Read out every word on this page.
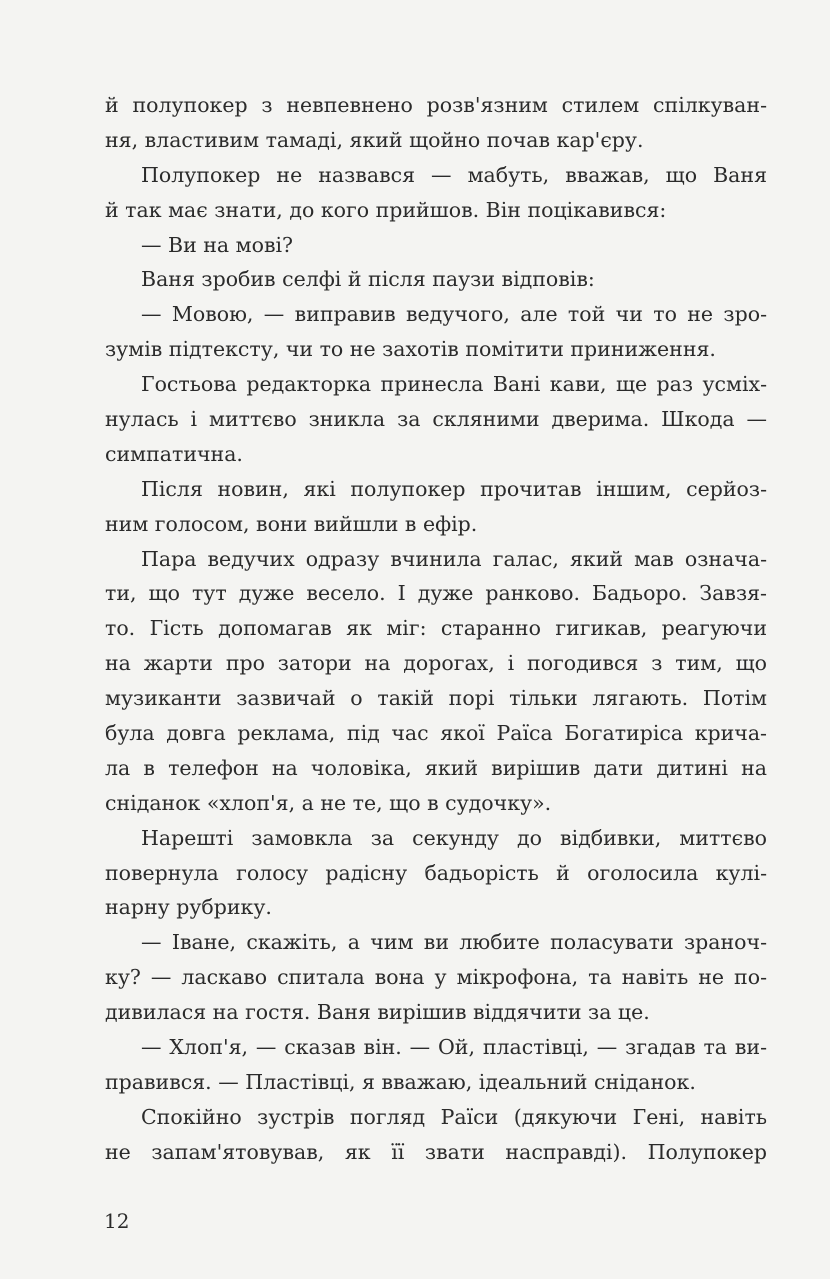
й полупокер з невпевнено розв'язним стилем спілкуван-
ня, властивим тамаді, який щойно почав кар'єру.
Полупокер не назвався — мабуть, вважав, що Ваня
й так має знати, до кого прийшов. Він поцікавився:
— Ви на мові?
Ваня зробив селфі й після паузи відповів:
— Мовою, — виправив ведучого, але той чи то не зро-
зумів підтексту, чи то не захотів помітити приниження.
Гостьова редакторка принесла Вані кави, ще раз усміх-
нулась і миттєво зникла за скляними дверима. Шкода —
симпатична.
Після новин, які полупокер прочитав іншим, серйоз-
ним голосом, вони вийшли в ефір.
Пара ведучих одразу вчинила галас, який мав означа-
ти, що тут дуже весело. І дуже ранково. Бадьоро. Завзя-
то. Гість допомагав як міг: старанно гигикав, реагуючи
на жарти про затори на дорогах, і погодився з тим, що
музиканти зазвичай о такій порі тільки лягають. Потім
була довга реклама, під час якої Раїса Богатиріса крича-
ла в телефон на чоловіка, який вирішив дати дитині на
сніданок «хлоп'я, а не те, що в судочку».
Нарешті замовкла за секунду до відбивки, миттєво
повернула голосу радісну бадьорість й оголосила кулі-
нарну рубрику.
— Іване, скажіть, а чим ви любите поласувати зраноч-
ку? — ласкаво спитала вона у мікрофона, та навіть не по-
дивилася на гостя. Ваня вирішив віддячити за це.
— Хлоп'я, — сказав він. — Ой, пластівці, — згадав та ви-
правився. — Пластівці, я вважаю, ідеальний сніданок.
Спокійно зустрів погляд Раїси (дякуючи Гені, навіть
не запам'ятовував, як її звати насправді). Полупокер
12
